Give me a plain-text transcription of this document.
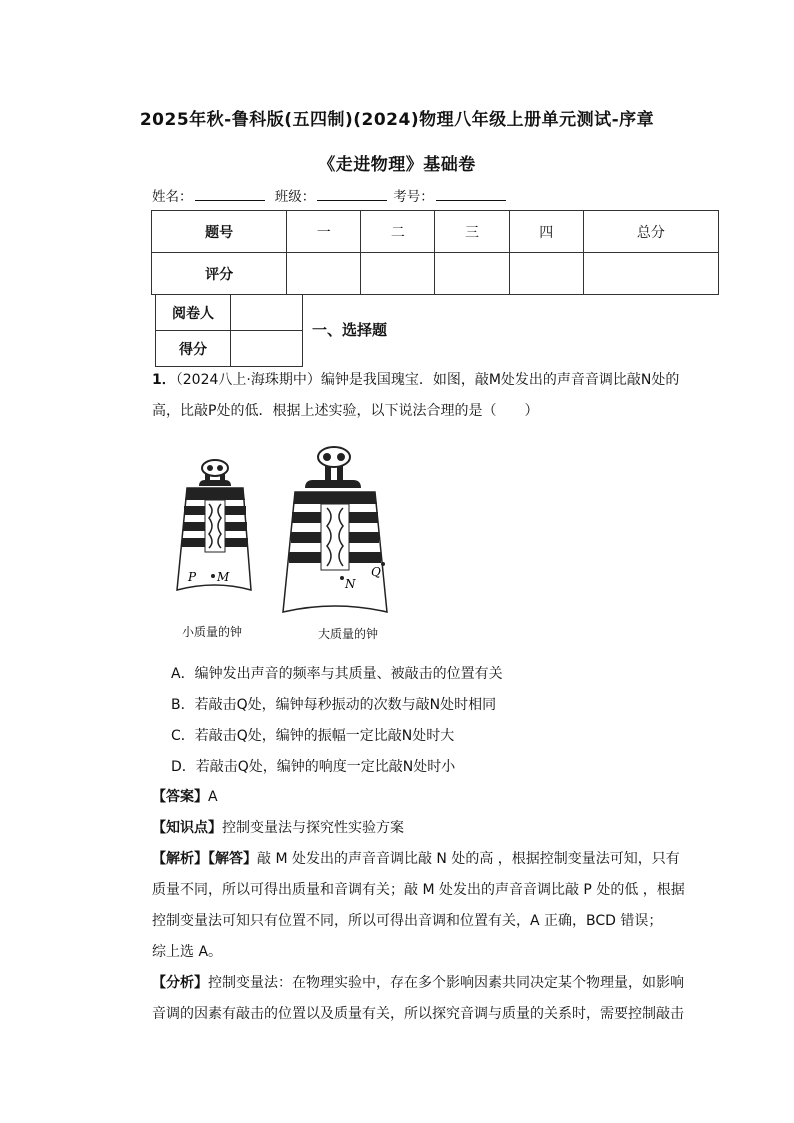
2025年秋-鲁科版(五四制)(2024)物理八年级上册单元测试-序章
《走进物理》基础卷
姓名：	班级：	考号：
题号	一	二	三	四	总分
评分					
阅卷人	
得分	
一、选择题
1．（2024八上·海珠期中）编钟是我国瑰宝．如图，敲M处发出的声音音调比敲N处的
高，比敲P处的低．根据上述实验，以下说法合理的是（　　）
P M	N
Q
小质量的钟	大质量的钟
A．编钟发出声音的频率与其质量、被敲击的位置有关
B．若敲击Q处，编钟每秒振动的次数与敲N处时相同
C．若敲击Q处，编钟的振幅一定比敲N处时大
D．若敲击Q处，编钟的响度一定比敲N处时小
【答案】A
【知识点】控制变量法与探究性实验方案
【解析】【解答】敲 M 处发出的声音音调比敲 N 处的高 ，根据控制变量法可知，只有
质量不同，所以可得出质量和音调有关；敲 M 处发出的声音音调比敲 P 处的低 ，根据
控制变量法可知只有位置不同，所以可得出音调和位置有关，A 正确，BCD 错误；
综上选 A。
【分析】控制变量法：在物理实验中，存在多个影响因素共同决定某个物理量，如影响
音调的因素有敲击的位置以及质量有关，所以探究音调与质量的关系时，需要控制敲击
